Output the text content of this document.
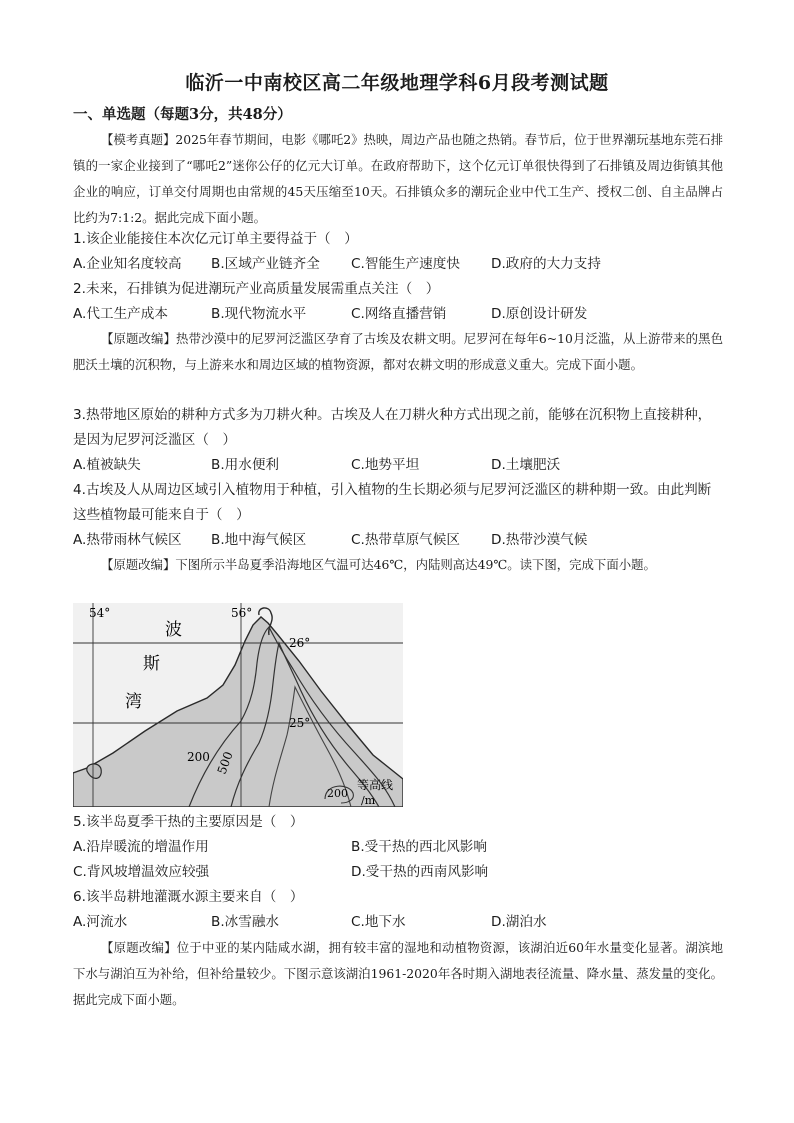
临沂一中南校区高二年级地理学科6月段考测试题
一、单选题（每题3分，共48分）
【模考真题】2025年春节期间，电影《哪吒2》热映，周边产品也随之热销。春节后，位于世界潮玩基地东莞石排镇的一家企业接到了“哪吒2”迷你公仔的亿元大订单。在政府帮助下，这个亿元订单很快得到了石排镇及周边街镇其他企业的响应，订单交付周期也由常规的45天压缩至10天。石排镇众多的潮玩企业中代工生产、授权二创、自主品牌占比约为7:1:2。据此完成下面小题。
1.该企业能接住本次亿元订单主要得益于（　）
A.企业知名度较高 B.区域产业链齐全 C.智能生产速度快 D.政府的大力支持
2.未来，石排镇为促进潮玩产业高质量发展需重点关注（　）
A.代工生产成本	B.现代物流水平	C.网络直播营销	D.原创设计研发
【原题改编】热带沙漠中的尼罗河泛滥区孕育了古埃及农耕文明。尼罗河在每年6~10月泛滥，从上游带来的黑色肥沃土壤的沉积物，与上游来水和周边区域的植物资源，都对农耕文明的形成意义重大。完成下面小题。
3.热带地区原始的耕种方式多为刀耕火种。古埃及人在刀耕火种方式出现之前，能够在沉积物上直接耕种，是因为尼罗河泛滥区（　）
A.植被缺失	B.用水便利	C.地势平坦	D.土壤肥沃
4.古埃及人从周边区域引入植物用于种植，引入植物的生长期必须与尼罗河泛滥区的耕种期一致。由此判断这些植物最可能来自于（　）
A.热带雨林气候区 B.地中海气候区	C.热带草原气候区 D.热带沙漠气候
【原题改编】下图所示半岛夏季沿海地区气温可达46℃，内陆则高达49℃。读下图，完成下面小题。
54°	56°
26°
25°
波
斯
湾
200 500
200
等高线
/m
5.该半岛夏季干热的主要原因是（　）
A.沿岸暖流的增温作用	B.受干热的西北风影响
C.背风坡增温效应较强	D.受干热的西南风影响
6.该半岛耕地灌溉水源主要来自（　）
A.河流水	B.冰雪融水	C.地下水	D.湖泊水
【原题改编】位于中亚的某内陆咸水湖，拥有较丰富的湿地和动植物资源，该湖泊近60年水量变化显著。湖滨地下水与湖泊互为补给，但补给量较少。下图示意该湖泊1961-2020年各时期入湖地表径流量、降水量、蒸发量的变化。据此完成下面小题。
